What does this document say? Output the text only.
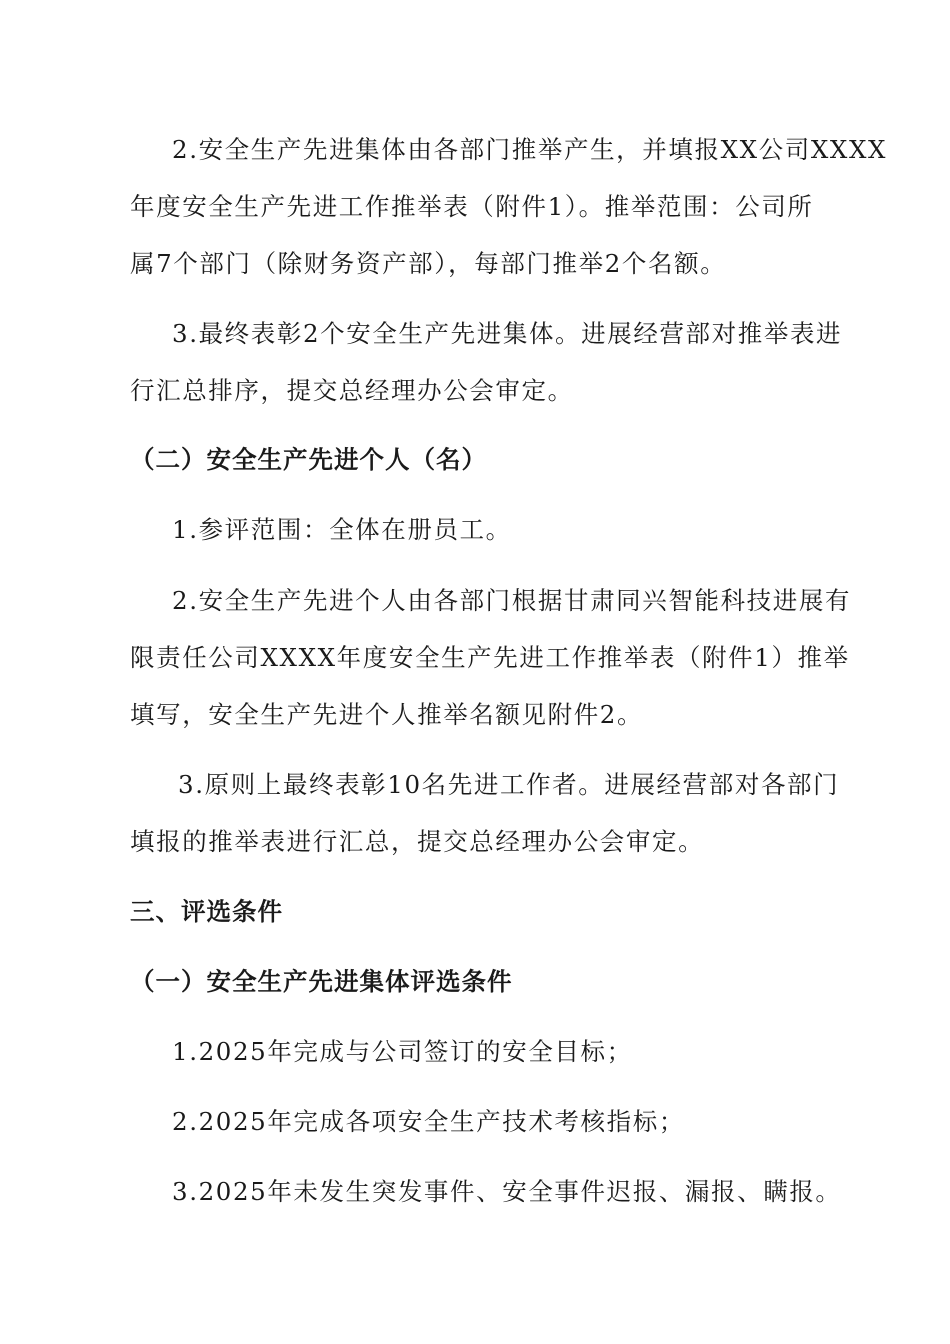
2.安全生产先进集体由各部门推举产生，并填报XX公司XXXX
年度安全生产先进工作推举表（附件1）。推举范围：公司所
属7个部门（除财务资产部），每部门推举2个名额。
3.最终表彰2个安全生产先进集体。进展经营部对推举表进
行汇总排序，提交总经理办公会审定。
（二）安全生产先进个人（名）
1.参评范围：全体在册员工。
2.安全生产先进个人由各部门根据甘肃同兴智能科技进展有
限责任公司XXXX年度安全生产先进工作推举表（附件1）推举
填写，安全生产先进个人推举名额见附件2。
3.原则上最终表彰10名先进工作者。进展经营部对各部门
填报的推举表进行汇总，提交总经理办公会审定。
三、评选条件
（一）安全生产先进集体评选条件
1.2025年完成与公司签订的安全目标；
2.2025年完成各项安全生产技术考核指标；
3.2025年未发生突发事件、安全事件迟报、漏报、瞒报。
